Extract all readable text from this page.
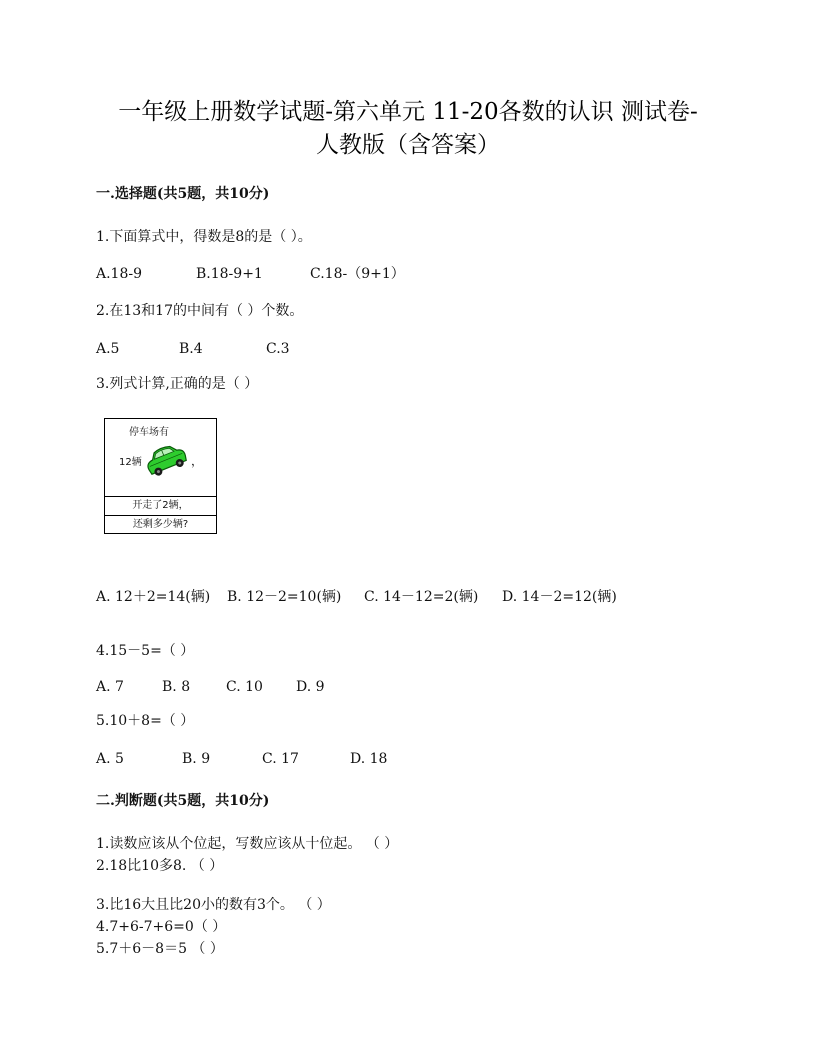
一年级上册数学试题-第六单元 11-20各数的认识 测试卷-
人教版（含答案）
一.选择题(共5题，共10分)
1.下面算式中，得数是8的是（ ）。
A.18-9	B.18-9+1	C.18-（9+1）
2.在13和17的中间有（ ）个数。
A.5	B.4	C.3
3.列式计算,正确的是（ ）
停车场有
12辆	，
开走了2辆，
还剩多少辆?
A. 12＋2=14(辆) B. 12－2=10(辆) C. 14－12=2(辆) D. 14－2=12(辆)
4.15－5=（ ）
A. 7	B. 8	C. 10 D. 9
5.10＋8=（ ）
A. 5	B. 9	C. 17	D. 18
二.判断题(共5题，共10分)
1.读数应该从个位起，写数应该从十位起。 （ ）
2.18比10多8. （ ）
3.比16大且比20小的数有3个。 （ ）
4.7+6-7+6=0（ ）
5.7＋6－8＝5 （ ）
